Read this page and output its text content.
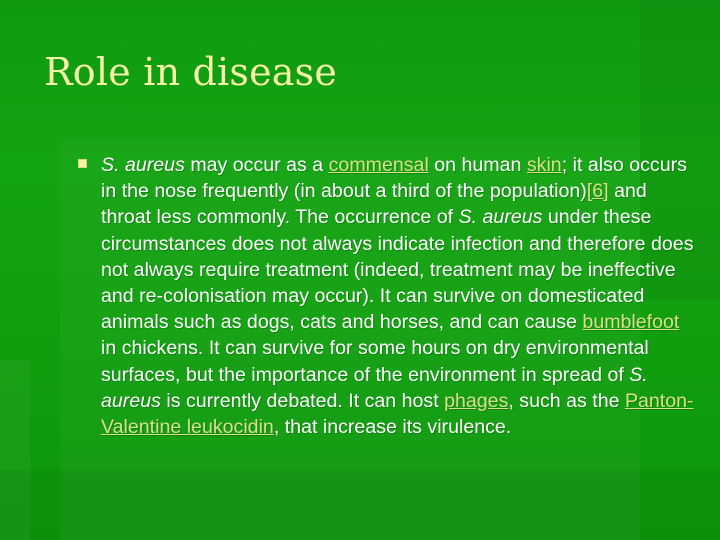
Role in disease
S. aureus may occur as a commensal on human skin; it also occurs in the nose frequently (in about a third of the population)[6] and throat less commonly. The occurrence of S. aureus under these circumstances does not always indicate infection and therefore does not always require treatment (indeed, treatment may be ineffective and re-colonisation may occur). It can survive on domesticated animals such as dogs, cats and horses, and can cause bumblefoot in chickens. It can survive for some hours on dry environmental surfaces, but the importance of the environment in spread of S. aureus is currently debated. It can host phages, such as the Panton-Valentine leukocidin, that increase its virulence.
